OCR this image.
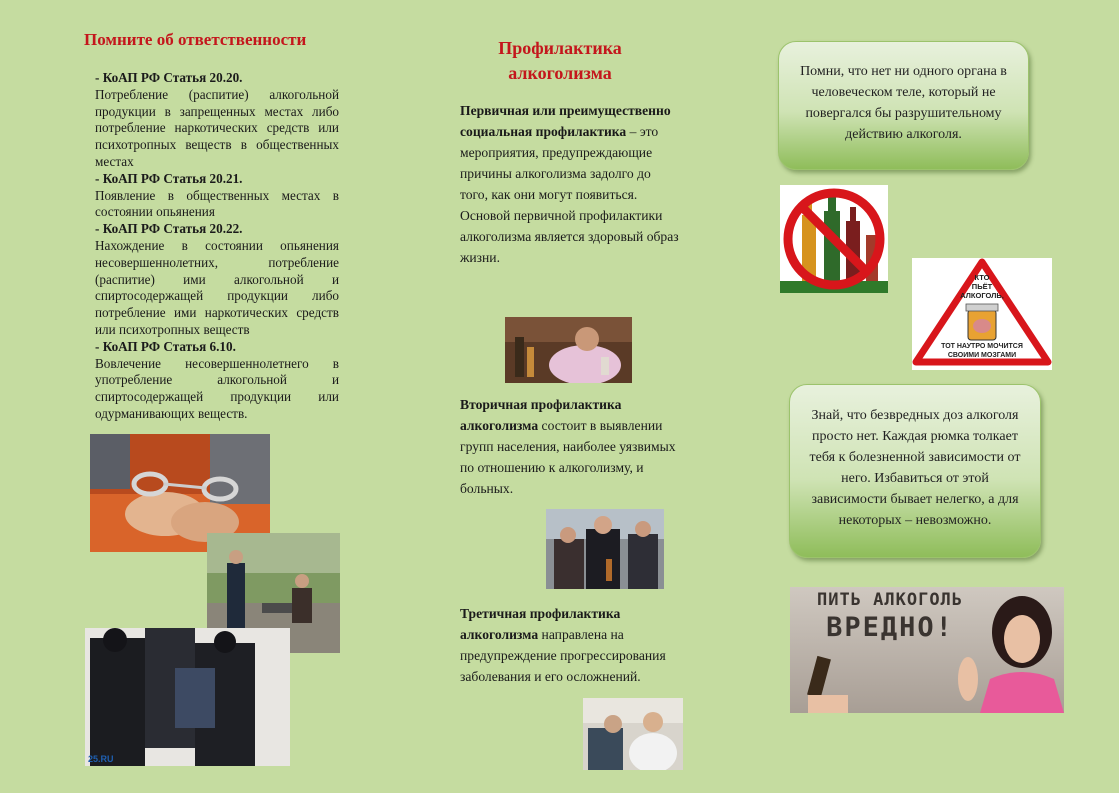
Помните об ответственности
- КоАП РФ Статья 20.20.
Потребление (распитие) алкогольной продукции в запрещенных местах либо потребление наркотических средств или психотропных веществ в общественных местах
- КоАП РФ Статья 20.21.
Появление в общественных местах в состоянии опьянения
- КоАП РФ Статья 20.22.
Нахождение в состоянии опьянения несовершеннолетних, потребление (распитие) ими алкогольной и спиртосодержащей продукции либо потребление ими наркотических средств или психотропных веществ
- КоАП РФ Статья 6.10.
Вовлечение несовершеннолетнего в употребление алкогольной и спиртосодержащей продукции или одурманивающих веществ.
25.RU
Профилактика
алкоголизма
Первичная или преимущественно социальная профилактика – это мероприятия, предупреждающие причины алкоголизма задолго до того, как они могут появиться. Основой первичной профилактики алкоголизма является здоровый образ жизни.
Вторичная профилактика алкоголизма состоит в выявлении групп населения, наиболее уязвимых по отношению к алкоголизму, и больных.
Третичная профилактика алкоголизма направлена на предупреждение прогрессирования заболевания и его осложнений.
Помни, что нет ни одного органа в человеческом теле, который не повергался бы разрушительному действию алкоголя.
КТО
ПЬЁТ
АЛКОГОЛЬ,
ТОТ НАУТРО МОЧИТСЯ
СВОИМИ МОЗГАМИ
Знай, что безвредных доз алкоголя просто нет. Каждая рюмка толкает тебя к болезненной зависимости от него. Избавиться от этой зависимости бывает нелегко, а для некоторых – невозможно.
ПИТЬ АЛКОГОЛЬ
ВРЕДНО!
